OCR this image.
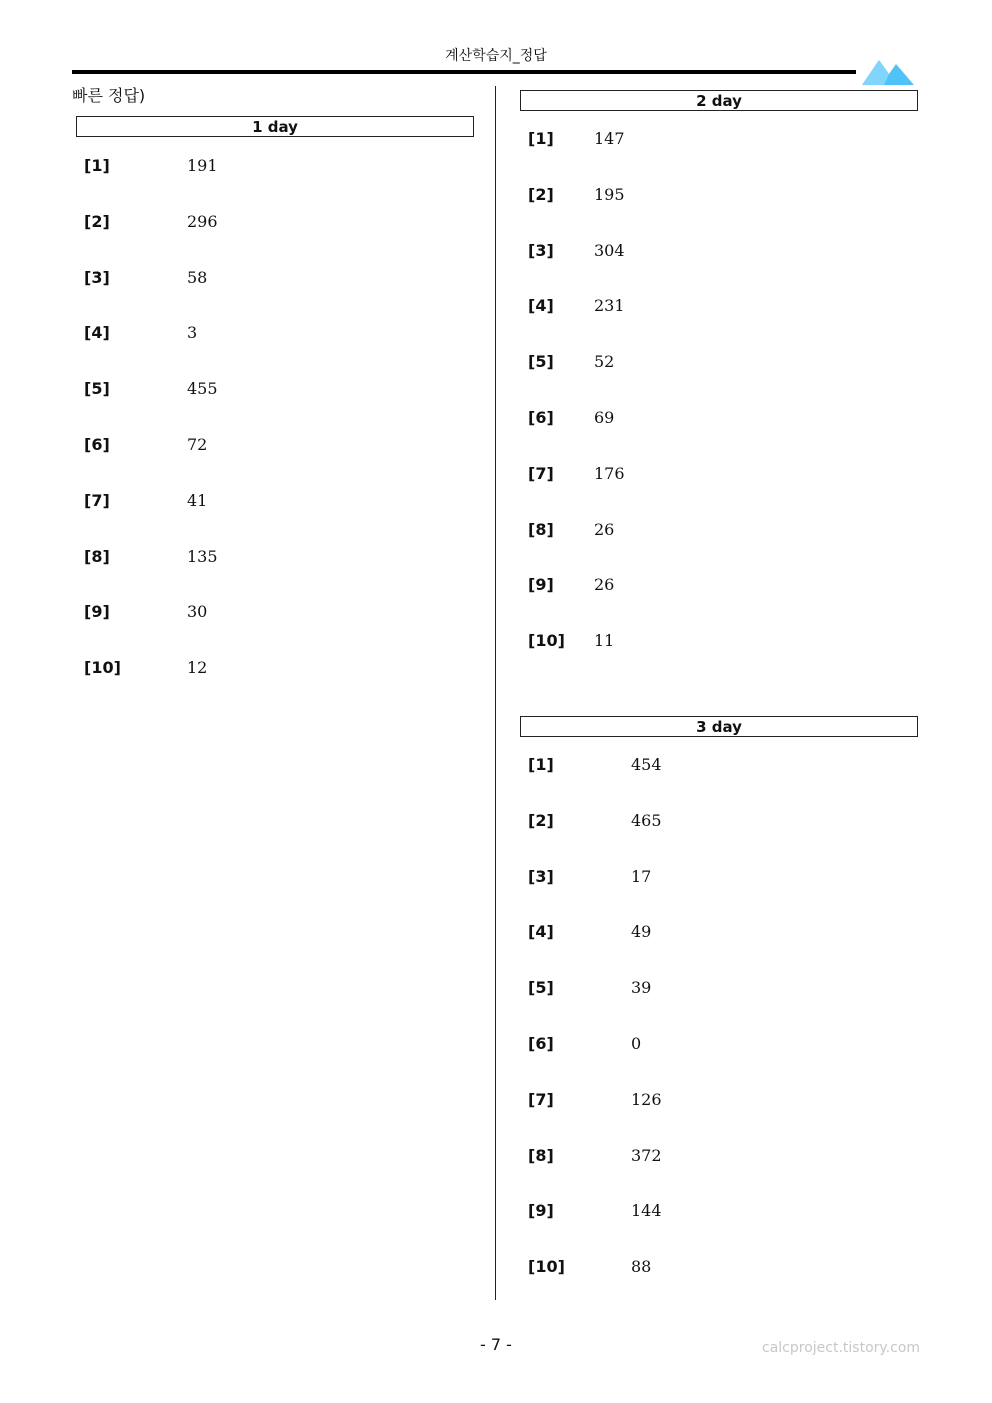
계산학습지_정답
빠른 정답)
1 day
[1]	191
[2]	296
[3]	58
[4]	3
[5]	455
[6]	72
[7]	41
[8]	135
[9]	30
[10]	12
2 day
[1]	147
[2]	195
[3]	304
[4]	231
[5]	52
[6]	69
[7]	176
[8]	26
[9]	26
[10] 11
3 day
[1]	454
[2]	465
[3]	17
[4]	49
[5]	39
[6]	0
[7]	126
[8]	372
[9]	144
[10]	88
- 7 -	calcproject.tistory.com
